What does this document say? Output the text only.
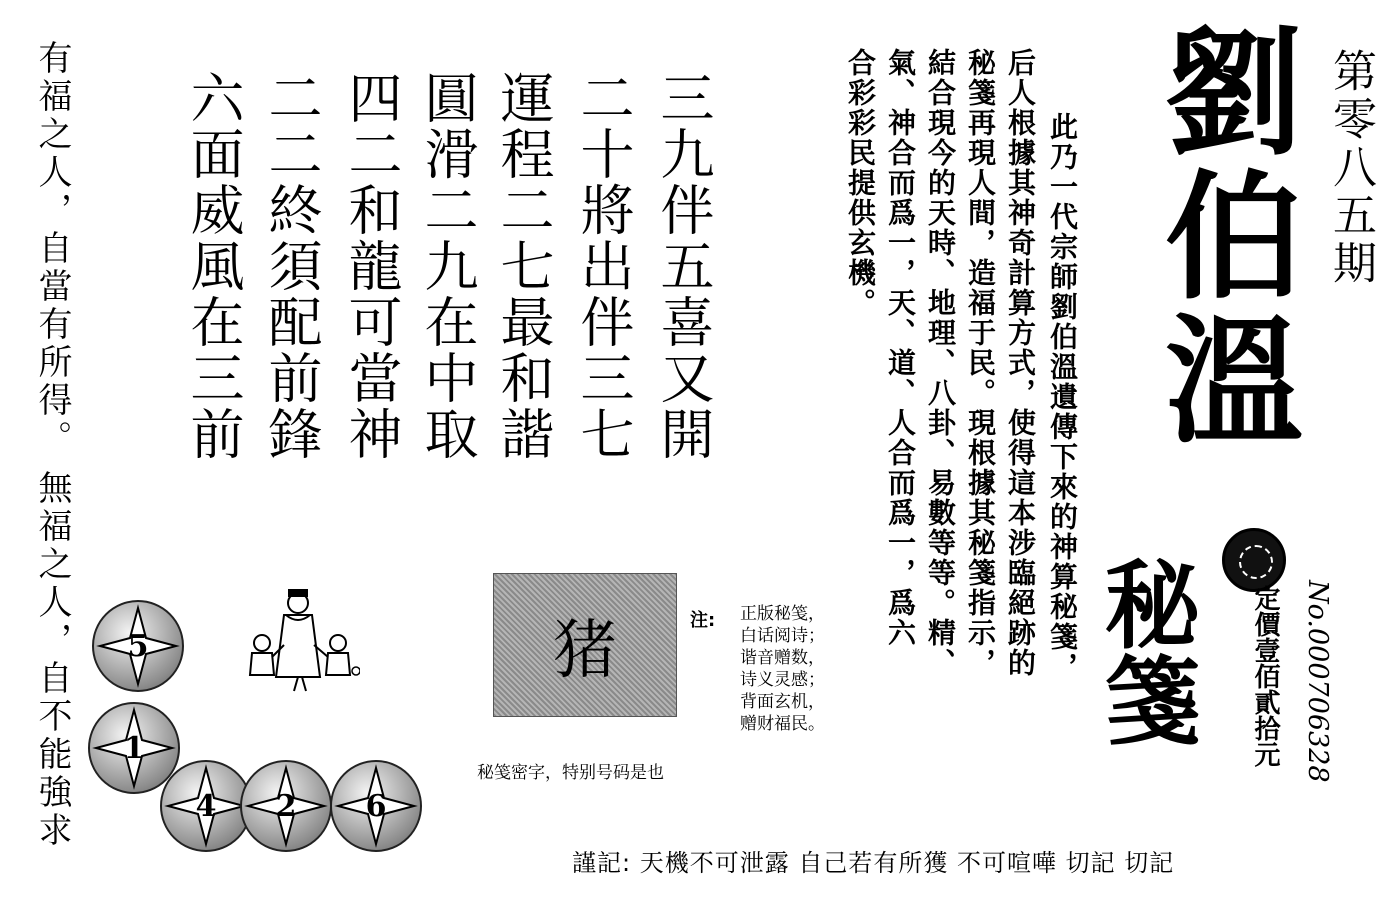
有福之人，自當有所得。
無福之人，自不能強求
三九伴五喜又開
二十將出伴三七
運程二七最和諧
圓滑二九在中取
四二和龍可當神
二二終須配前鋒
六面威風在三前	此乃一代宗師劉伯溫遺傳下來的神算秘箋，
后人根據其神奇計算方式，使得這本涉臨絕跡的
秘箋再現人間，造福于民。現根據其秘箋指示，
結合現今的天時、地理、八卦、易數等等。精、
氣、神合而爲一，天、道、人合而爲一，爲六
合彩彩民提供玄機。 劉伯溫
秘箋
第零八五期
定價壹佰貳拾元 No.00070632̇8
猪
秘笺密字，特别号码是也
注: 正版秘笺，
白话阅诗；
谐音赠数，
诗义灵感；
背面玄机，
赠财福民。
5
1
4	2	6
謹記: 天機不可泄露 自己若有所獲 不可喧嘩 切記 切記
